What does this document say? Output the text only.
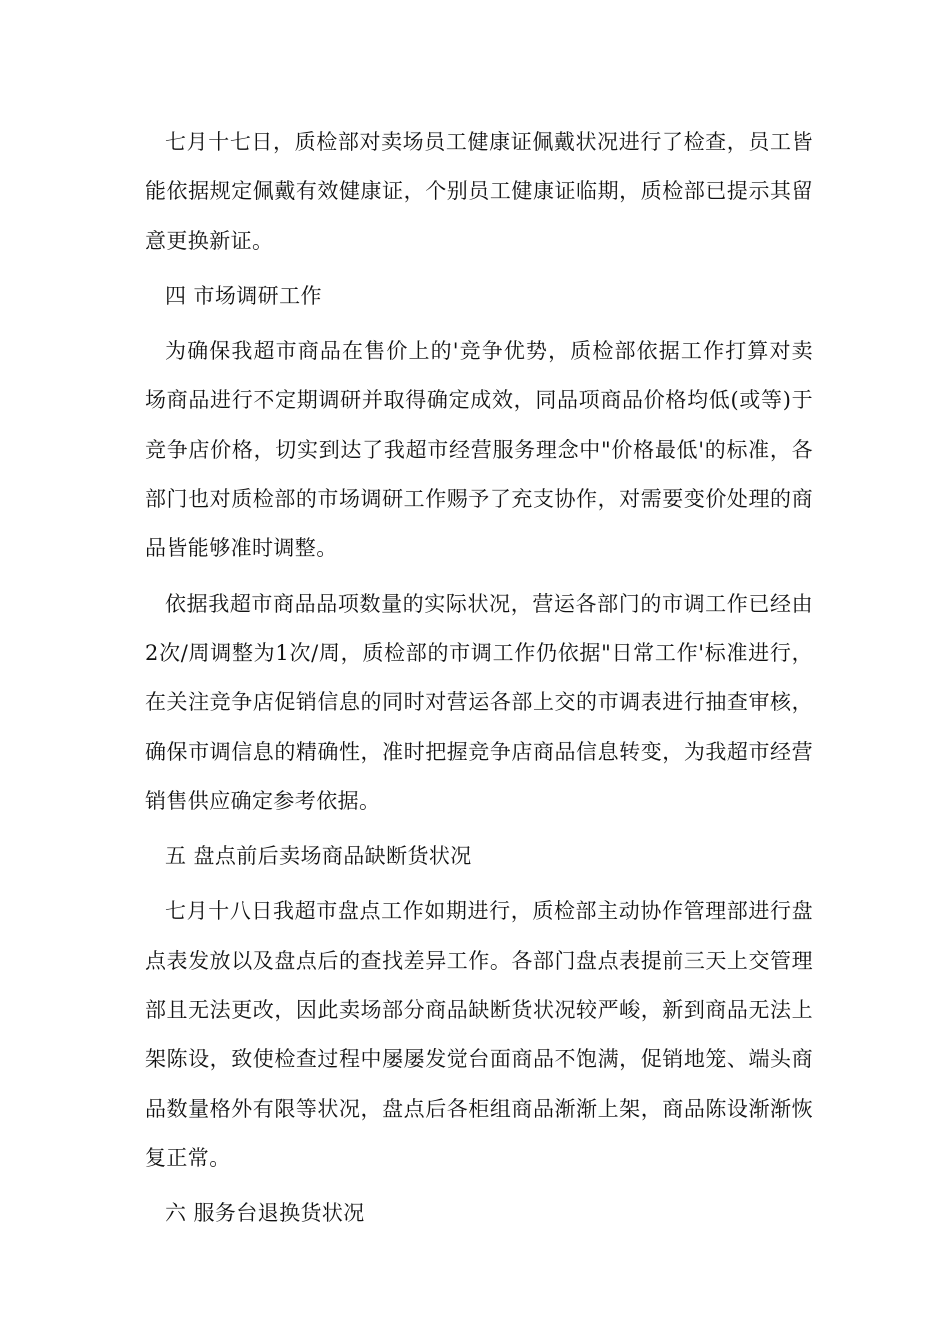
七月十七日，质检部对卖场员工健康证佩戴状况进行了检查，员工皆能依据规定佩戴有效健康证，个别员工健康证临期，质检部已提示其留意更换新证。

四 市场调研工作

为确保我超市商品在售价上的'竞争优势，质检部依据工作打算对卖场商品进行不定期调研并取得确定成效，同品项商品价格均低(或等)于竞争店价格，切实到达了我超市经营服务理念中"价格最低'的标准，各部门也对质检部的市场调研工作赐予了充支协作，对需要变价处理的商品皆能够准时调整。

依据我超市商品品项数量的实际状况，营运各部门的市调工作已经由2次/周调整为1次/周，质检部的市调工作仍依据"日常工作'标准进行，在关注竞争店促销信息的同时对营运各部上交的市调表进行抽查审核，确保市调信息的精确性，准时把握竞争店商品信息转变，为我超市经营销售供应确定参考依据。

五 盘点前后卖场商品缺断货状况

七月十八日我超市盘点工作如期进行，质检部主动协作管理部进行盘点表发放以及盘点后的查找差异工作。各部门盘点表提前三天上交管理部且无法更改，因此卖场部分商品缺断货状况较严峻，新到商品无法上架陈设，致使检查过程中屡屡发觉台面商品不饱满，促销地笼、端头商品数量格外有限等状况，盘点后各柜组商品渐渐上架，商品陈设渐渐恢复正常。

六 服务台退换货状况
